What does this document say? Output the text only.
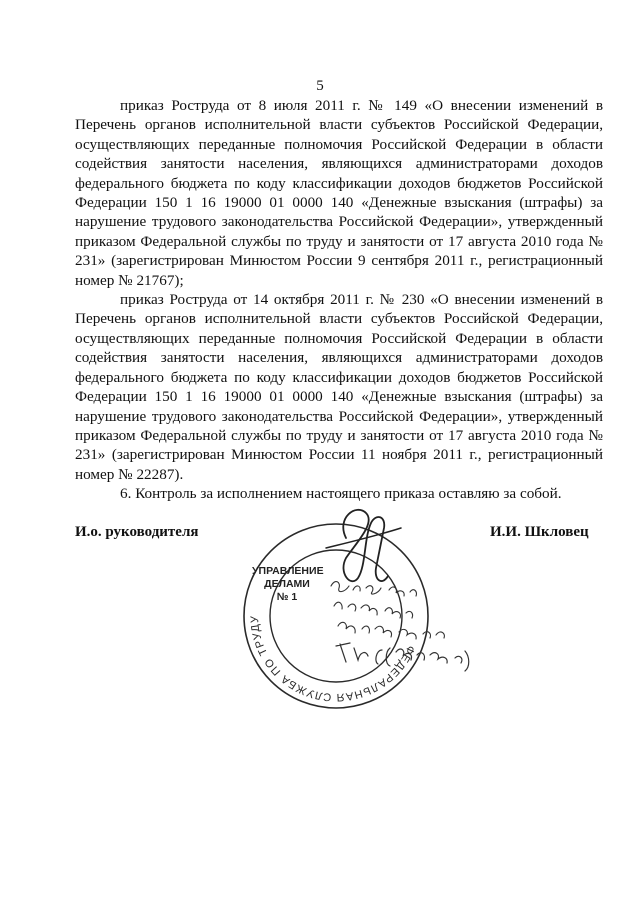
5

приказ Роструда от 8 июля 2011 г. № 149 «О внесении изменений в Перечень органов исполнительной власти субъектов Российской Федерации, осуществляющих переданные полномочия Российской Федерации в области содействия занятости населения, являющихся администраторами доходов федерального бюджета по коду классификации доходов бюджетов Российской Федерации 150 1 16 19000 01 0000 140 «Денежные взыскания (штрафы) за нарушение трудового законодательства Российской Федерации», утвержденный приказом Федеральной службы по труду и занятости от 17 августа 2010 года № 231» (зарегистрирован Минюстом России 9 сентября 2011 г., регистрационный номер № 21767);

приказ Роструда от 14 октября 2011 г. № 230 «О внесении изменений в Перечень органов исполнительной власти субъектов Российской Федерации, осуществляющих переданные полномочия Российской Федерации в области содействия занятости населения, являющихся администраторами доходов федерального бюджета по коду классификации доходов бюджетов Российской Федерации 150 1 16 19000 01 0000 140 «Денежные взыскания (штрафы) за нарушение трудового законодательства Российской Федерации», утвержденный приказом Федеральной службы по труду и занятости от 17 августа 2010 года № 231» (зарегистрирован Минюстом России 11 ноября 2011 г., регистрационный номер № 22287).

6. Контроль за исполнением настоящего приказа оставляю за собой.

И.о. руководителя	И.И. Шкловец
ФЕДЕРАЛЬНАЯ СЛУЖБА ПО ТРУДУ
УПРАВЛЕНИЕ
ДЕЛАМИ
№ 1
